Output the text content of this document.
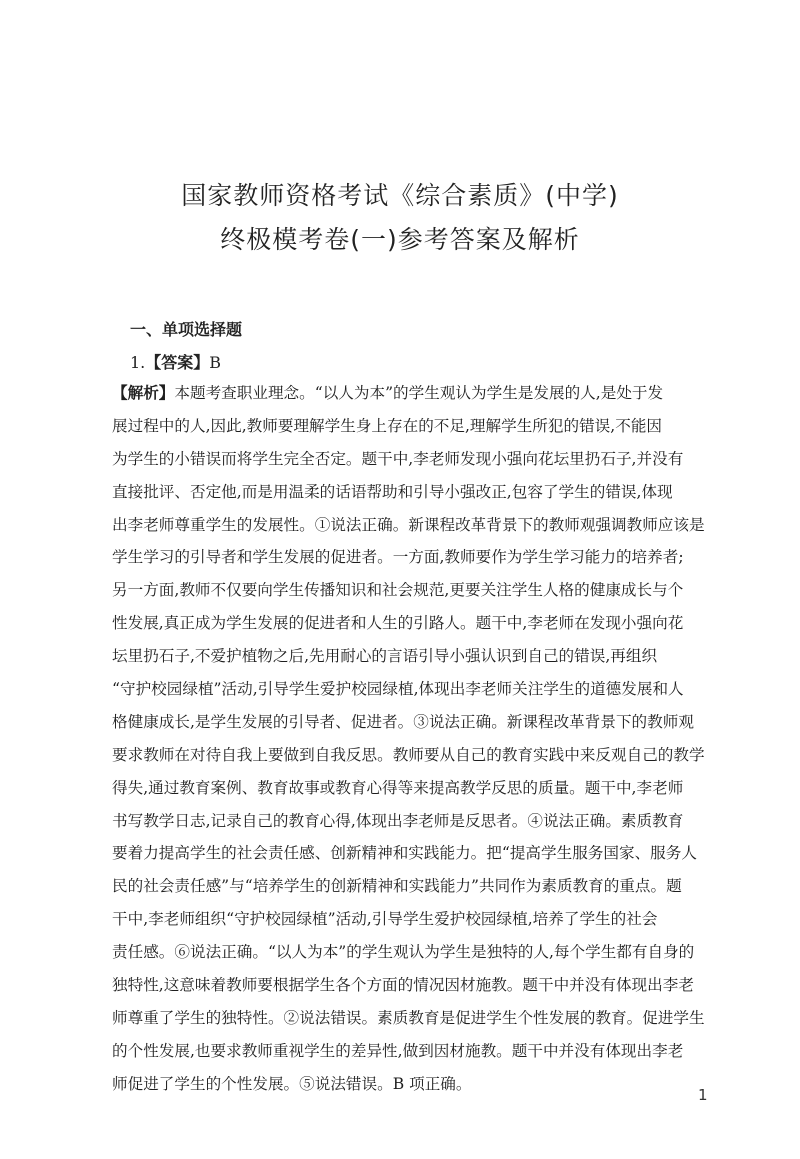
国家教师资格考试《综合素质》(中学)
终极模考卷(一)参考答案及解析
一、单项选择题
1.【答案】B
【解析】本题考查职业理念。“以人为本”的学生观认为学生是发展的人,是处于发
展过程中的人,因此,教师要理解学生身上存在的不足,理解学生所犯的错误,不能因
为学生的小错误而将学生完全否定。题干中,李老师发现小强向花坛里扔石子,并没有
直接批评、否定他,而是用温柔的话语帮助和引导小强改正,包容了学生的错误,体现
出李老师尊重学生的发展性。①说法正确。新课程改革背景下的教师观强调教师应该是
学生学习的引导者和学生发展的促进者。一方面,教师要作为学生学习能力的培养者;
另一方面,教师不仅要向学生传播知识和社会规范,更要关注学生人格的健康成长与个
性发展,真正成为学生发展的促进者和人生的引路人。题干中,李老师在发现小强向花
坛里扔石子,不爱护植物之后,先用耐心的言语引导小强认识到自己的错误,再组织
“守护校园绿植”活动,引导学生爱护校园绿植,体现出李老师关注学生的道德发展和人
格健康成长,是学生发展的引导者、促进者。③说法正确。新课程改革背景下的教师观
要求教师在对待自我上要做到自我反思。教师要从自己的教育实践中来反观自己的教学
得失,通过教育案例、教育故事或教育心得等来提高教学反思的质量。题干中,李老师
书写教学日志,记录自己的教育心得,体现出李老师是反思者。④说法正确。素质教育
要着力提高学生的社会责任感、创新精神和实践能力。把“提高学生服务国家、服务人
民的社会责任感”与“培养学生的创新精神和实践能力”共同作为素质教育的重点。题
干中,李老师组织“守护校园绿植”活动,引导学生爱护校园绿植,培养了学生的社会
责任感。⑥说法正确。“以人为本”的学生观认为学生是独特的人,每个学生都有自身的
独特性,这意味着教师要根据学生各个方面的情况因材施教。题干中并没有体现出李老
师尊重了学生的独特性。②说法错误。素质教育是促进学生个性发展的教育。促进学生
的个性发展,也要求教师重视学生的差异性,做到因材施教。题干中并没有体现出李老
师促进了学生的个性发展。⑤说法错误。B 项正确。
1
